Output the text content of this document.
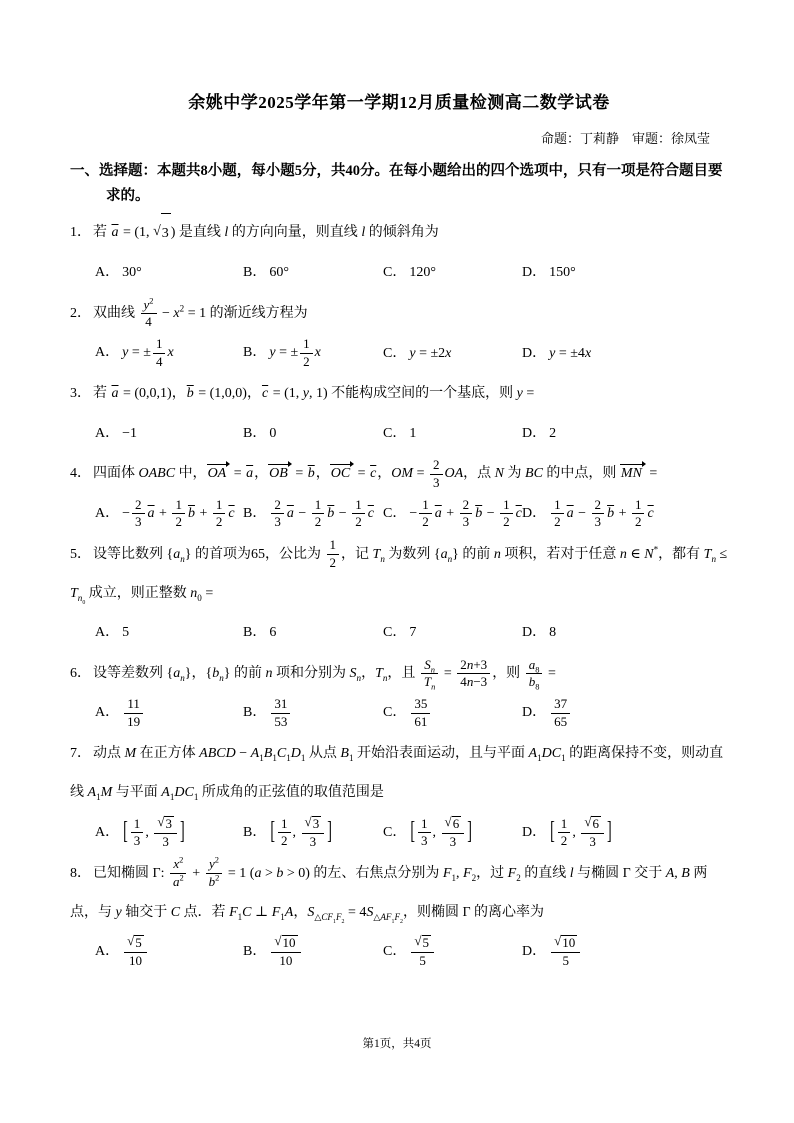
余姚中学2025学年第一学期12月质量检测高二数学试卷
命题：丁莉静　审题：徐凤莹
一、选择题：本题共8小题，每小题5分，共40分。在每小题给出的四个选项中，只有一项是符合题目要求的。
1． 若 $\overline{a} = (1$, √ 3 ) 是直线 l 的方向向量，则直线 l 的倾斜角为
A． 30°	B． 60°	C． 120°	D． 150°
2． 双曲线 $\frac{y^2}{4} - x^2 = 1$ 的渐近线方程为
A． y = ± $\frac{1}{4}$ x	B． y = ± $\frac{1}{2}$ x	C． y = ±2x	D． y = ±4x
3． 若 $\overline{a} = (0,0,1)$，$\overline{b} = (1,0,0)$，$\overline{c} = (1$, y, 1) 不能构成空间的一个基底，则 y =
A． −1	B． 0	C． 1	D． 2
4． 四面体 OABC 中，OA = $\overline{a}$，OB = $\overline{b}$，OC = $\overline{c}$，OM = $\frac{2}{3}$ OA，点 N 为 BC 的中点，则 MN =
A． − $\frac{2}{3} \overline{a} + \frac{1}{2} \overline{b} + \frac{1}{2} \overline{c}$ B． $\frac{2}{3} \overline{a} - \frac{1}{2} \overline{b} - \frac{1}{2} \overline{c}$ C． − $\frac{1}{2} \overline{a} + \frac{2}{3} \overline{b} - \frac{1}{2} \overline{c}$ D． $\frac{1}{2} \overline{a} - \frac{2}{3} \overline{b} + \frac{1}{2} \overline{c}$
5． 设等比数列 $\{a_n\}$ 的首项为65，公比为 $\frac{1}{2}$ ，记 $T_n$ 为数列 $\{a_n\}$ 的前 n 项积，若对于任意 n ∈ N*，都有 $T_n \le T_{n_0}$ 成立，则正整数 $n_0$ =
A． 5	B． 6	C． 7	D． 8
6． 设等差数列 $\{a_n\}$，$\{b_n\}$ 的前 n 项和分别为 $S_n$，$T_n$，且 $\frac{S_n}{T_n} = \frac{2n+3}{4n-3}$ ，则 $\frac{a_8}{b_8}$ =
A． $\frac{11}{19}$	B． $\frac{31}{53}$	C． $\frac{35}{61}$	D． $\frac{37}{65}$
7． 动点 M 在正方体 ABCD − $A_1B_1C_1D_1$ 从点 $B_1$ 开始沿表面运动，且与平面 $A_1DC_1$ 的距离保持不变，则动直线 $A_1M$ 与平面 $A_1DC_1$ 所成角的正弦值的取值范围是
A． [ $\frac{1}{3}$ , $\frac{√ 3}{3}$ ]	B． [ $\frac{1}{2}$ , $\frac{√ 3}{3}$ ]	C． [ $\frac{1}{3}$ , $\frac{√ 6}{3}$ ]	D． [ $\frac{1}{2}$ , $\frac{√ 6}{3}$ ]
8． 已知椭圆 Γ: $\frac{x^2}{a^2} + \frac{y^2}{b^2} = 1$ (a > b > 0) 的左、右焦点分别为 $F_1$, $F_2$，过 $F_2$ 的直线 l 与椭圆 Γ 交于 A, B 两点，与 y 轴交于 C 点．若 $F_1C$ ⊥ $F_1A$，$S_{\triangle CF_1F_2} = 4S_{\triangle AF_1F_2}$，则椭圆 Γ 的离心率为
A． $\frac{√ 5}{10}$	B． $\frac{√ 10}{10}$	C． $\frac{√ 5}{5}$	D． $\frac{√ 10}{5}$
第1页，共4页
